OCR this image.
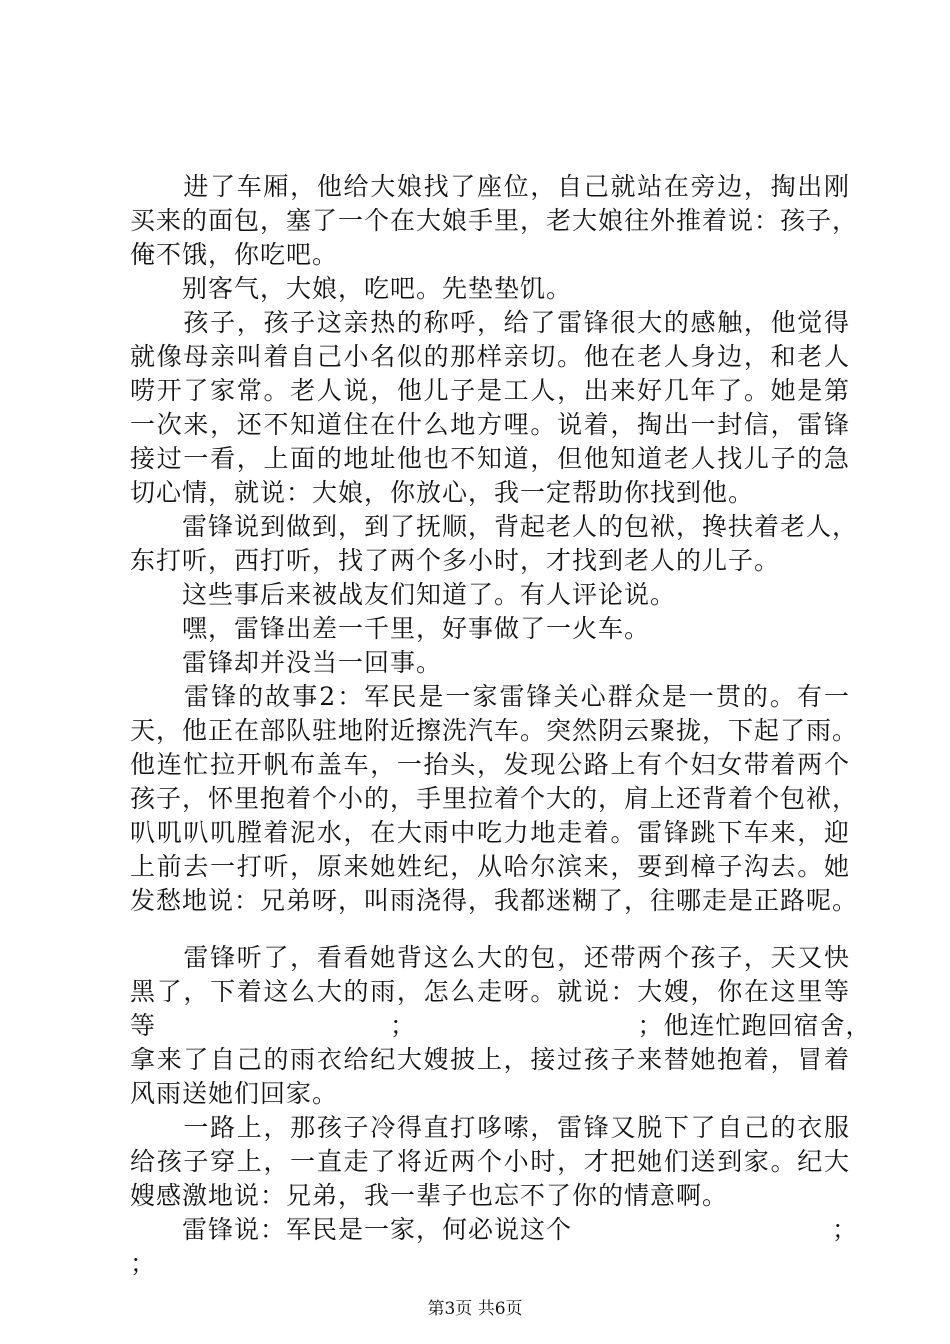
　　进了车厢，他给大娘找了座位，自己就站在旁边，掏出刚
买来的面包，塞了一个在大娘手里，老大娘往外推着说：孩子，
俺不饿，你吃吧。
　　别客气，大娘，吃吧。先垫垫饥。
　　孩子，孩子这亲热的称呼，给了雷锋很大的感触，他觉得
就像母亲叫着自己小名似的那样亲切。他在老人身边，和老人
唠开了家常。老人说，他儿子是工人，出来好几年了。她是第
一次来，还不知道住在什么地方哩。说着，掏出一封信，雷锋
接过一看，上面的地址他也不知道，但他知道老人找儿子的急
切心情，就说：大娘，你放心，我一定帮助你找到他。
　　雷锋说到做到，到了抚顺，背起老人的包袱，搀扶着老人，
东打听，西打听，找了两个多小时，才找到老人的儿子。
　　这些事后来被战友们知道了。有人评论说。
　　嘿，雷锋出差一千里，好事做了一火车。
　　雷锋却并没当一回事。
　　雷锋的故事2：军民是一家雷锋关心群众是一贯的。有一
天，他正在部队驻地附近擦洗汽车。突然阴云聚拢，下起了雨。
他连忙拉开帆布盖车，一抬头，发现公路上有个妇女带着两个
孩子，怀里抱着个小的，手里拉着个大的，肩上还背着个包袱，
叭叽叭叽膛着泥水，在大雨中吃力地走着。雷锋跳下车来，迎
上前去一打听，原来她姓纪，从哈尔滨来，要到樟子沟去。她
发愁地说：兄弟呀，叫雨浇得，我都迷糊了，往哪走是正路呢。
　　雷锋听了，看看她背这么大的包，还带两个孩子，天又快
黑了，下着这么大的雨，怎么走呀。就说：大嫂，你在这里等
等　　　　　　　　　；　　　　　　　　　；他连忙跑回宿舍，
拿来了自己的雨衣给纪大嫂披上，接过孩子来替她抱着，冒着
风雨送她们回家。
　　一路上，那孩子冷得直打哆嗦，雷锋又脱下了自己的衣服
给孩子穿上，一直走了将近两个小时，才把她们送到家。纪大
嫂感激地说：兄弟，我一辈子也忘不了你的情意啊。
　　雷锋说：军民是一家，何必说这个　　　　　　　　　　；
；
第3页 共6页
